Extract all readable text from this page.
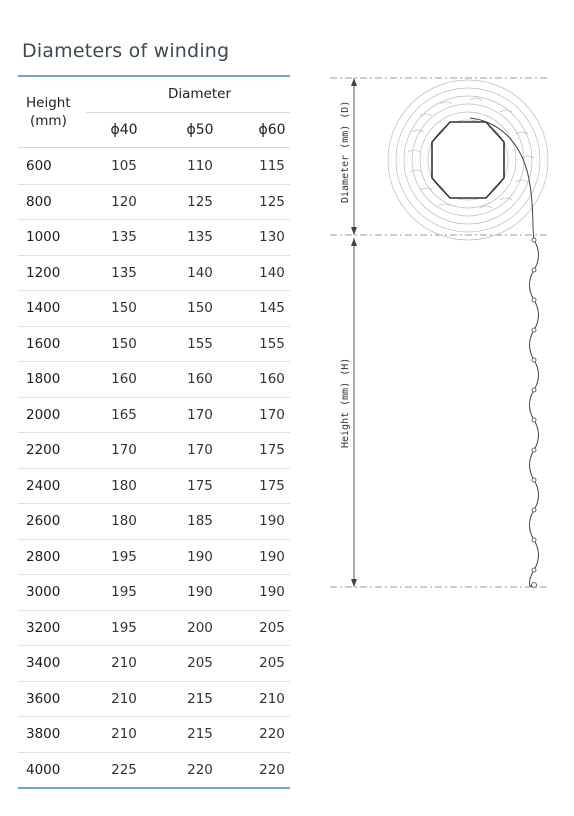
Diameters of winding
Height
(mm)
Diameter
ϕ40	ϕ50	ϕ60
600	105	110	115
800	120	125	125
1000	135	135	130
1200	135	140	140
1400	150	150	145
1600	150	155	155
1800	160	160	160
2000	165	170	170
2200	170	170	175
2400	180	175	175
2600	180	185	190
2800	195	190	190
3000	195	190	190
3200	195	200	205
3400	210	205	205
3600	210	215	210
3800	210	215	220
4000	225	220	220
Diameter (mm) (D)
Height (mm) (H)
